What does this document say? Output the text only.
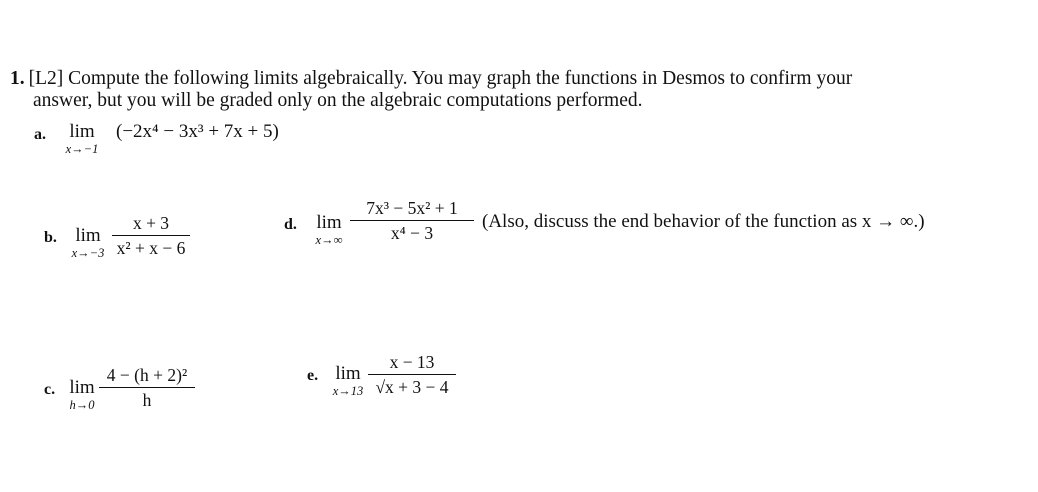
1. [L2] Compute the following limits algebraically. You may graph the functions in Desmos to confirm your
answer, but you will be graded only on the algebraic computations performed.
a.	lim
x→−1
(−2x⁴ − 3x³ + 7x + 5)
b. lim
x→−3
x + 3
x² + x − 6
d.	lim
x→∞
7x³ − 5x² + 1
x⁴ − 3
(Also, discuss the end behavior of the function as x → ∞.)
c. lim
h→0
4 − (h + 2)²
h
e. lim
x→13
x − 13
√x + 3 − 4
